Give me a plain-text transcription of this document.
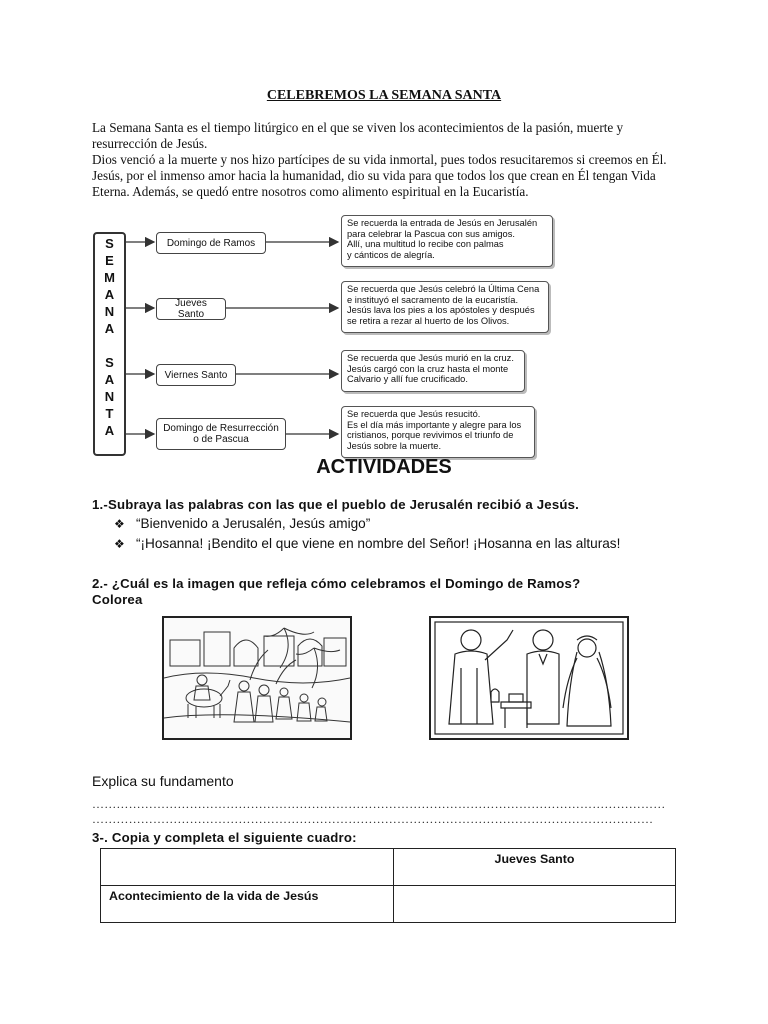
CELEBREMOS LA SEMANA SANTA

La Semana Santa es el tiempo litúrgico en el que se viven los acontecimientos de la pasión, muerte y resurrección de Jesús.

Dios venció a la muerte y nos hizo partícipes de su vida inmortal, pues todos resucitaremos si creemos en Él.

Jesús, por el inmenso amor hacia la humanidad, dio su vida para que todos los que crean en Él tengan Vida Eterna. Además, se quedó entre nosotros como alimento espiritual en la Eucaristía.

S
E
M
A
N
A
S
A
N
T
A
Domingo de Ramos
Jueves Santo
Viernes Santo
Domingo de Resurrección
o de Pascua
Se recuerda la entrada de Jesús en Jerusalén
para celebrar la Pascua con sus amigos.
Allí, una multitud lo recibe con palmas
y cánticos de alegría.
Se recuerda que Jesús celebró la Última Cena
e instituyó el sacramento de la eucaristía.
Jesús lava los pies a los apóstoles y después
se retira a rezar al huerto de los Olivos.
Se recuerda que Jesús murió en la cruz.
Jesús cargó con la cruz hasta el monte
Calvario y allí fue crucificado.
Se recuerda que Jesús resucitó.
Es el día más importante y alegre para los
cristianos, porque revivimos el triunfo de
Jesús sobre la muerte.
ACTIVIDADES
1.-Subraya las palabras con las que el pueblo de Jerusalén recibió a Jesús.
❖ “Bienvenido a Jerusalén, Jesús amigo”
❖ “¡Hosanna! ¡Bendito el que viene en nombre del Señor! ¡Hosanna en las alturas!
2.- ¿Cuál es la imagen que refleja cómo celebramos el Domingo de Ramos?
Colorea
Explica su fundamento
……………………………………………………………………………………………………………………………
…………………………………………………………………………………………………………………………
3-. Copia y completa el siguiente cuadro:
	Jueves Santo
Acontecimiento de la vida de Jesús	
